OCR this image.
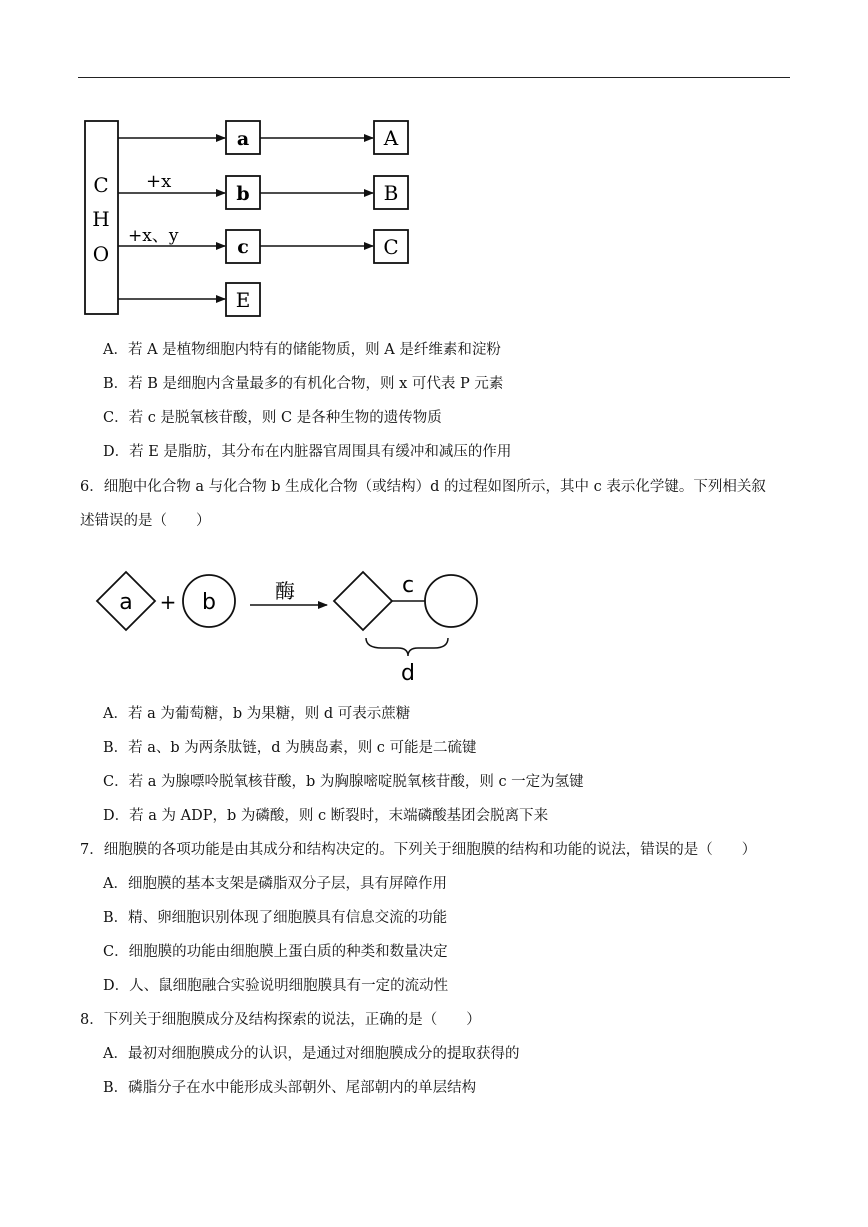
C
H
O
+x
+x、y
a
b
c
E
A
B
C
A．若 A 是植物细胞内特有的储能物质，则 A 是纤维素和淀粉
B．若 B 是细胞内含量最多的有机化合物，则 x 可代表 P 元素
C．若 c 是脱氧核苷酸，则 C 是各种生物的遗传物质
D．若 E 是脂肪，其分布在内脏器官周围具有缓冲和减压的作用
6．细胞中化合物 a 与化合物 b 生成化合物（或结构）d 的过程如图所示，其中 c 表示化学键。下列相关叙
述错误的是（　　）
a + b	酶	c
d
A．若 a 为葡萄糖，b 为果糖，则 d 可表示蔗糖
B．若 a、b 为两条肽链，d 为胰岛素，则 c 可能是二硫键
C．若 a 为腺嘌呤脱氧核苷酸，b 为胸腺嘧啶脱氧核苷酸，则 c 一定为氢键
D．若 a 为 ADP，b 为磷酸，则 c 断裂时，末端磷酸基团会脱离下来
7．细胞膜的各项功能是由其成分和结构决定的。下列关于细胞膜的结构和功能的说法，错误的是（　　）
A．细胞膜的基本支架是磷脂双分子层，具有屏障作用
B．精、卵细胞识别体现了细胞膜具有信息交流的功能
C．细胞膜的功能由细胞膜上蛋白质的种类和数量决定
D．人、鼠细胞融合实验说明细胞膜具有一定的流动性
8．下列关于细胞膜成分及结构探索的说法，正确的是（　　）
A．最初对细胞膜成分的认识，是通过对细胞膜成分的提取获得的
B．磷脂分子在水中能形成头部朝外、尾部朝内的单层结构
